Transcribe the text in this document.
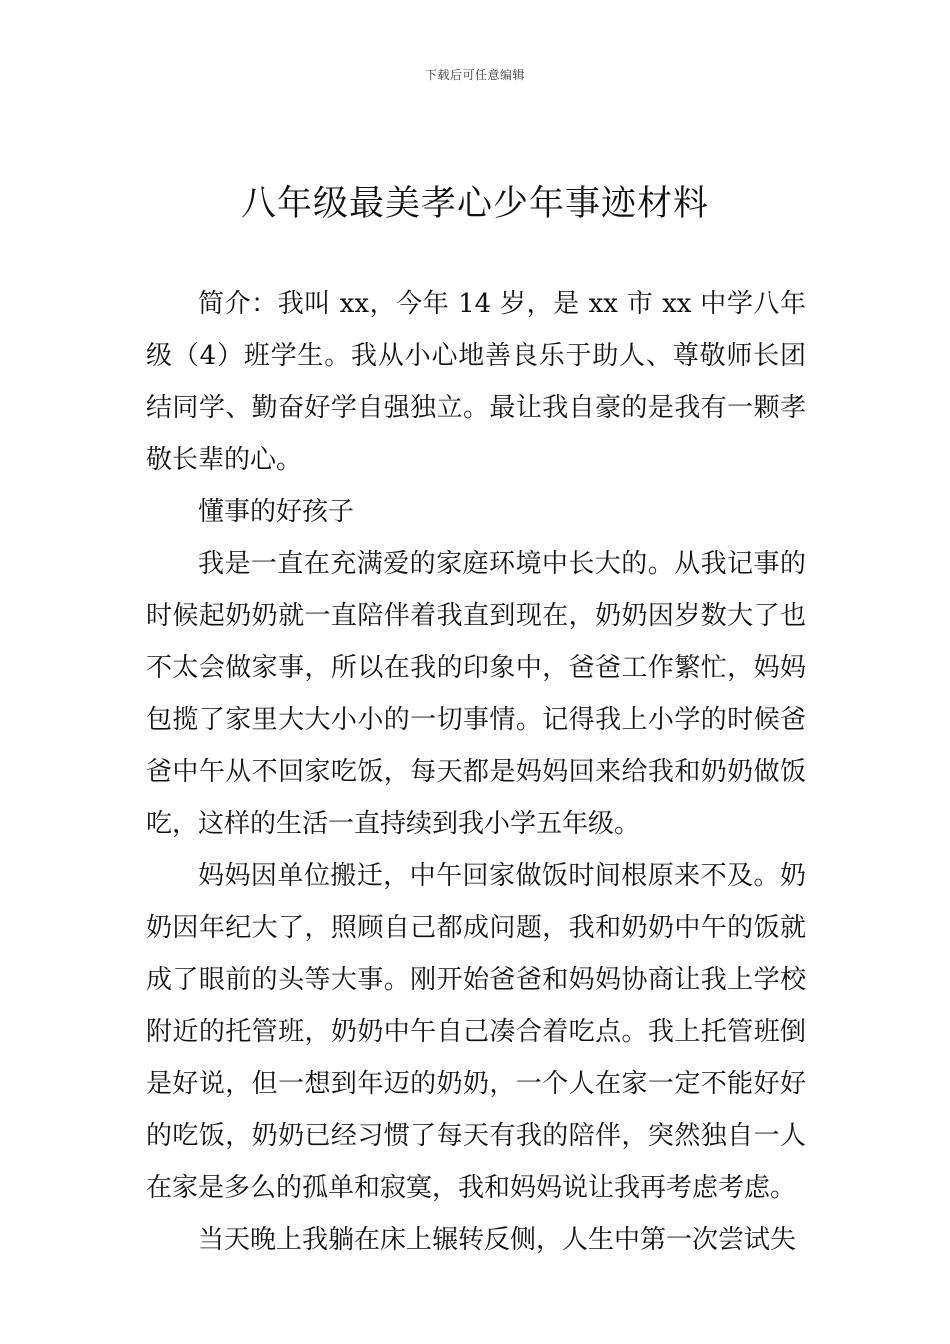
下载后可任意编辑
八年级最美孝心少年事迹材料

简介：我叫 xx，今年 14 岁，是 xx 市 xx 中学八年级（4）班学生。我从小心地善良乐于助人、尊敬师长团结同学、勤奋好学自强独立。最让我自豪的是我有一颗孝敬长辈的心。

懂事的好孩子

我是一直在充满爱的家庭环境中长大的。从我记事的时候起奶奶就一直陪伴着我直到现在，奶奶因岁数大了也不太会做家事，所以在我的印象中，爸爸工作繁忙，妈妈包揽了家里大大小小的一切事情。记得我上小学的时候爸爸中午从不回家吃饭，每天都是妈妈回来给我和奶奶做饭吃，这样的生活一直持续到我小学五年级。

妈妈因单位搬迁，中午回家做饭时间根原来不及。奶奶因年纪大了，照顾自己都成问题，我和奶奶中午的饭就成了眼前的头等大事。刚开始爸爸和妈妈协商让我上学校附近的托管班，奶奶中午自己凑合着吃点。我上托管班倒是好说，但一想到年迈的奶奶，一个人在家一定不能好好的吃饭，奶奶已经习惯了每天有我的陪伴，突然独自一人在家是多么的孤单和寂寞，我和妈妈说让我再考虑考虑。

当天晚上我躺在床上辗转反侧，人生中第一次尝试失
